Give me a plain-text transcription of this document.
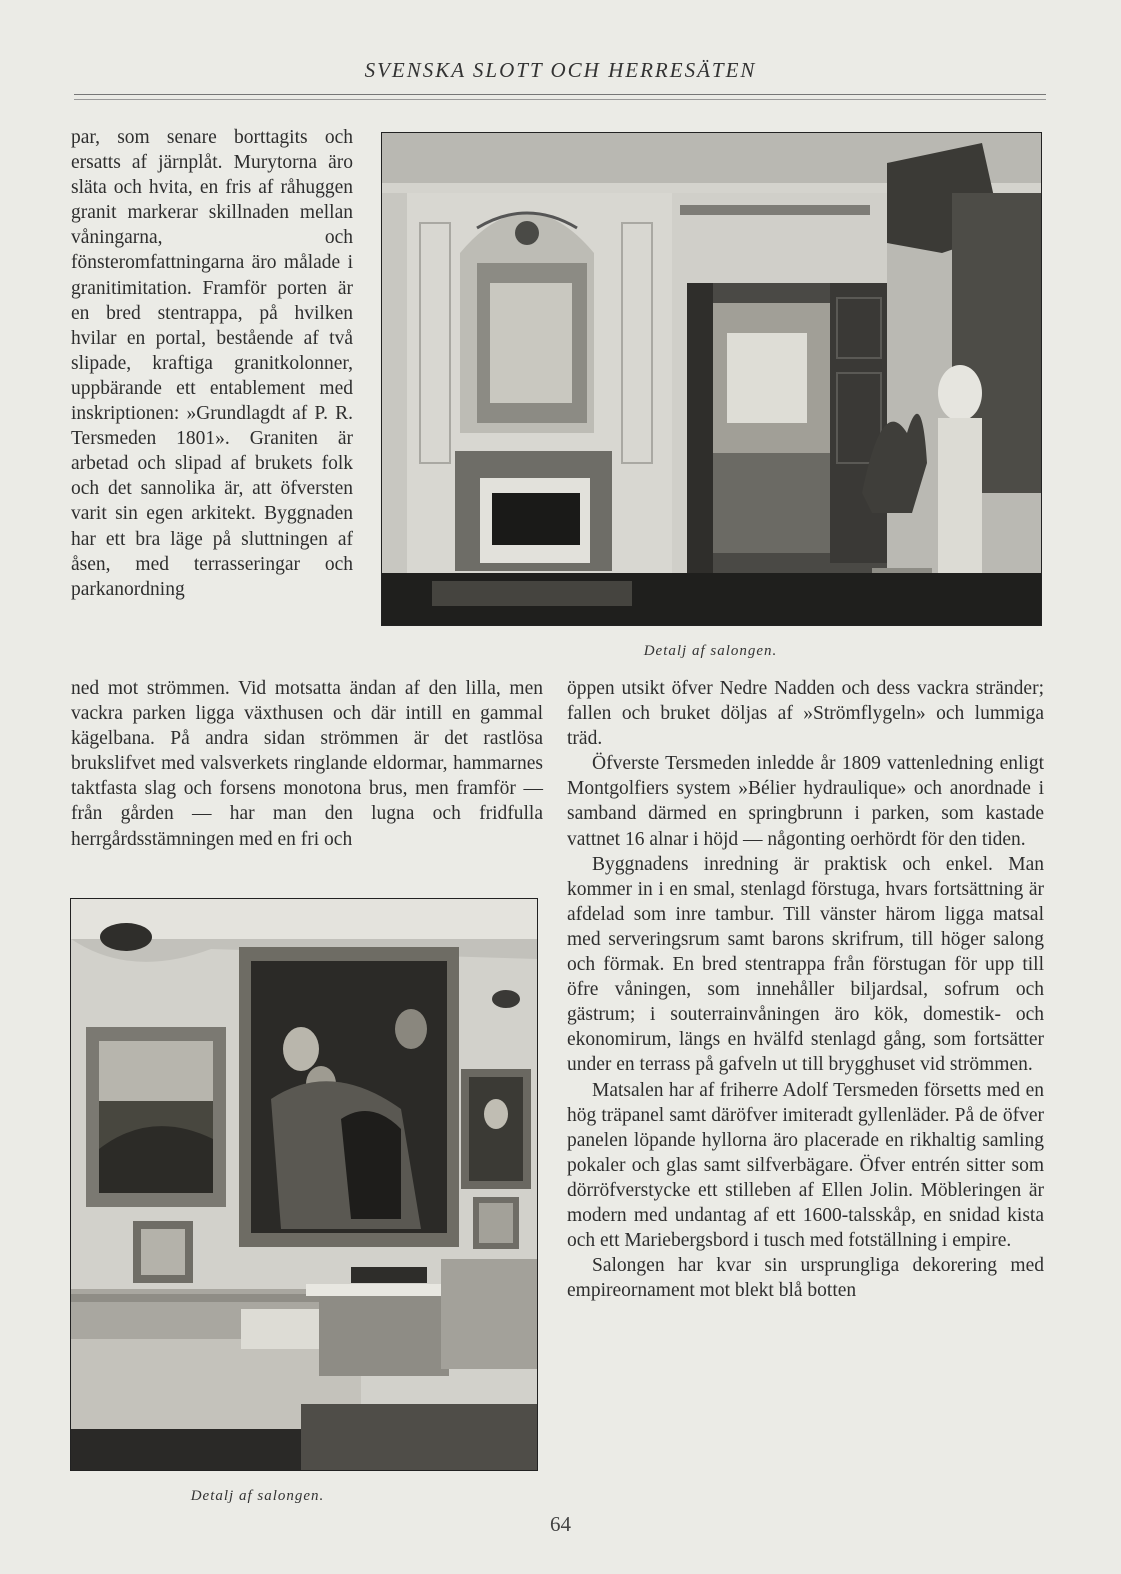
SVENSKA SLOTT OCH HERRESÄTEN

par, som senare borttagits och ersatts af järnplåt. Murytorna äro släta och hvita, en fris af råhuggen granit markerar skillnaden mellan våningarna, och fönsteromfattningarna äro målade i granitimitation. Framför porten är en bred stentrappa, på hvilken hvilar en portal, bestående af två slipade, kraftiga granitkolonner, uppbärande ett entablement med inskriptionen: »Grundlagdt af P. R. Tersmeden 1801». Graniten är arbetad och slipad af brukets folk och det sannolika är, att öfversten varit sin egen arkitekt. Byggnaden har ett bra läge på sluttningen af åsen, med terrasseringar och parkanordning

Detalj af salongen.

ned mot strömmen. Vid motsatta ändan af den lilla, men vackra parken ligga växthusen och där intill en gammal kägelbana. På andra sidan strömmen är det rastlösa brukslifvet med valsverkets ringlande eldormar, hammarnes taktfasta slag och forsens monotona brus, men framför — från gården — har man den lugna och fridfulla herrgårdsstämningen med en fri och

Detalj af salongen.

öppen utsikt öfver Nedre Nadden och dess vackra stränder; fallen och bruket döljas af »Strömflygeln» och lummiga träd.

Öfverste Tersmeden inledde år 1809 vattenledning enligt Montgolfiers system »Bélier hydraulique» och anordnade i samband därmed en springbrunn i parken, som kastade vattnet 16 alnar i höjd — någonting oerhördt för den tiden.

Byggnadens inredning är praktisk och enkel. Man kommer in i en smal, stenlagd förstuga, hvars fortsättning är afdelad som inre tambur. Till vänster härom ligga matsal med serveringsrum samt barons skrifrum, till höger salong och förmak. En bred stentrappa från förstugan för upp till öfre våningen, som innehåller biljardsal, sofrum och gästrum; i souterrainvåningen äro kök, domestik- och ekonomirum, längs en hvälfd stenlagd gång, som fortsätter under en terrass på gafveln ut till brygghuset vid strömmen.

Matsalen har af friherre Adolf Tersmeden försetts med en hög träpanel samt däröfver imiteradt gyllenläder. På de öfver panelen löpande hyllorna äro placerade en rikhaltig samling pokaler och glas samt silfverbägare. Öfver entrén sitter som dörröfverstycke ett stilleben af Ellen Jolin. Möbleringen är modern med undantag af ett 1600-talsskåp, en snidad kista och ett Mariebergsbord i tusch med fotställning i empire.

Salongen har kvar sin ursprungliga dekorering med empireornament mot blekt blå botten

64
